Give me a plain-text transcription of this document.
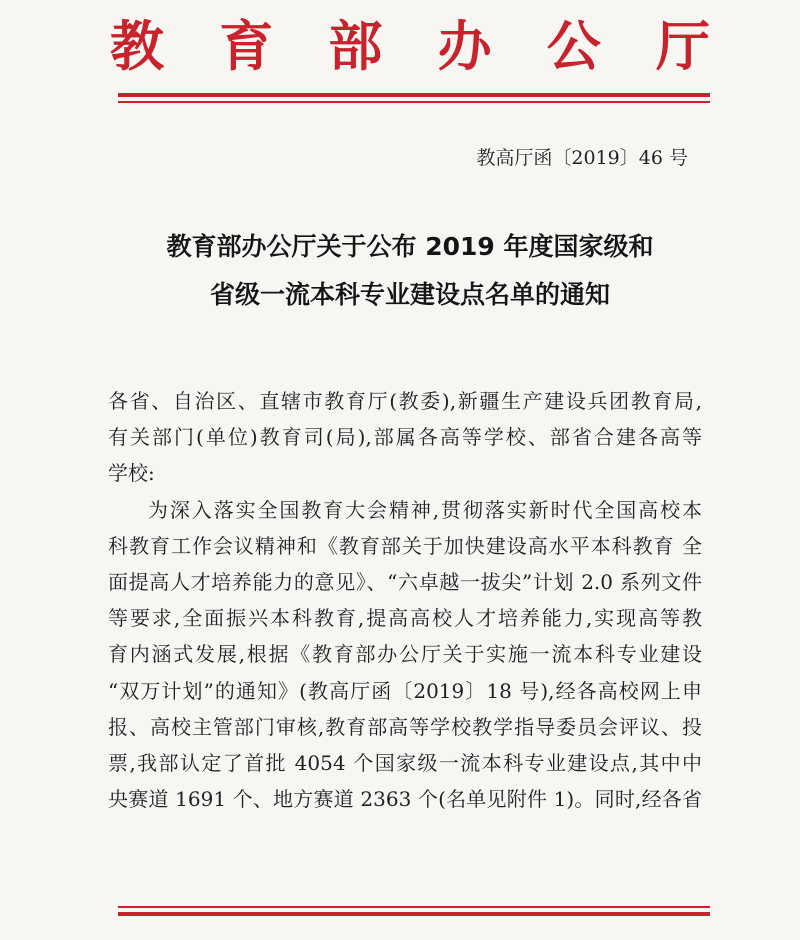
教 育 部 办 公 厅
教高厅函〔2019〕46 号
教育部办公厅关于公布 2019 年度国家级和
省级一流本科专业建设点名单的通知
各省、自治区、直辖市教育厅(教委),新疆生产建设兵团教育局,
有关部门(单位)教育司(局),部属各高等学校、部省合建各高等
学校:
为深入落实全国教育大会精神,贯彻落实新时代全国高校本
科教育工作会议精神和《教育部关于加快建设高水平本科教育 全
面提高人才培养能力的意见》、“六卓越一拔尖”计划 2.0 系列文件
等要求,全面振兴本科教育,提高高校人才培养能力,实现高等教
育内涵式发展,根据《教育部办公厅关于实施一流本科专业建设
“双万计划”的通知》(教高厅函〔2019〕18 号),经各高校网上申
报、高校主管部门审核,教育部高等学校教学指导委员会评议、投
票,我部认定了首批 4054 个国家级一流本科专业建设点,其中中
央赛道 1691 个、地方赛道 2363 个(名单见附件 1)。同时,经各省
